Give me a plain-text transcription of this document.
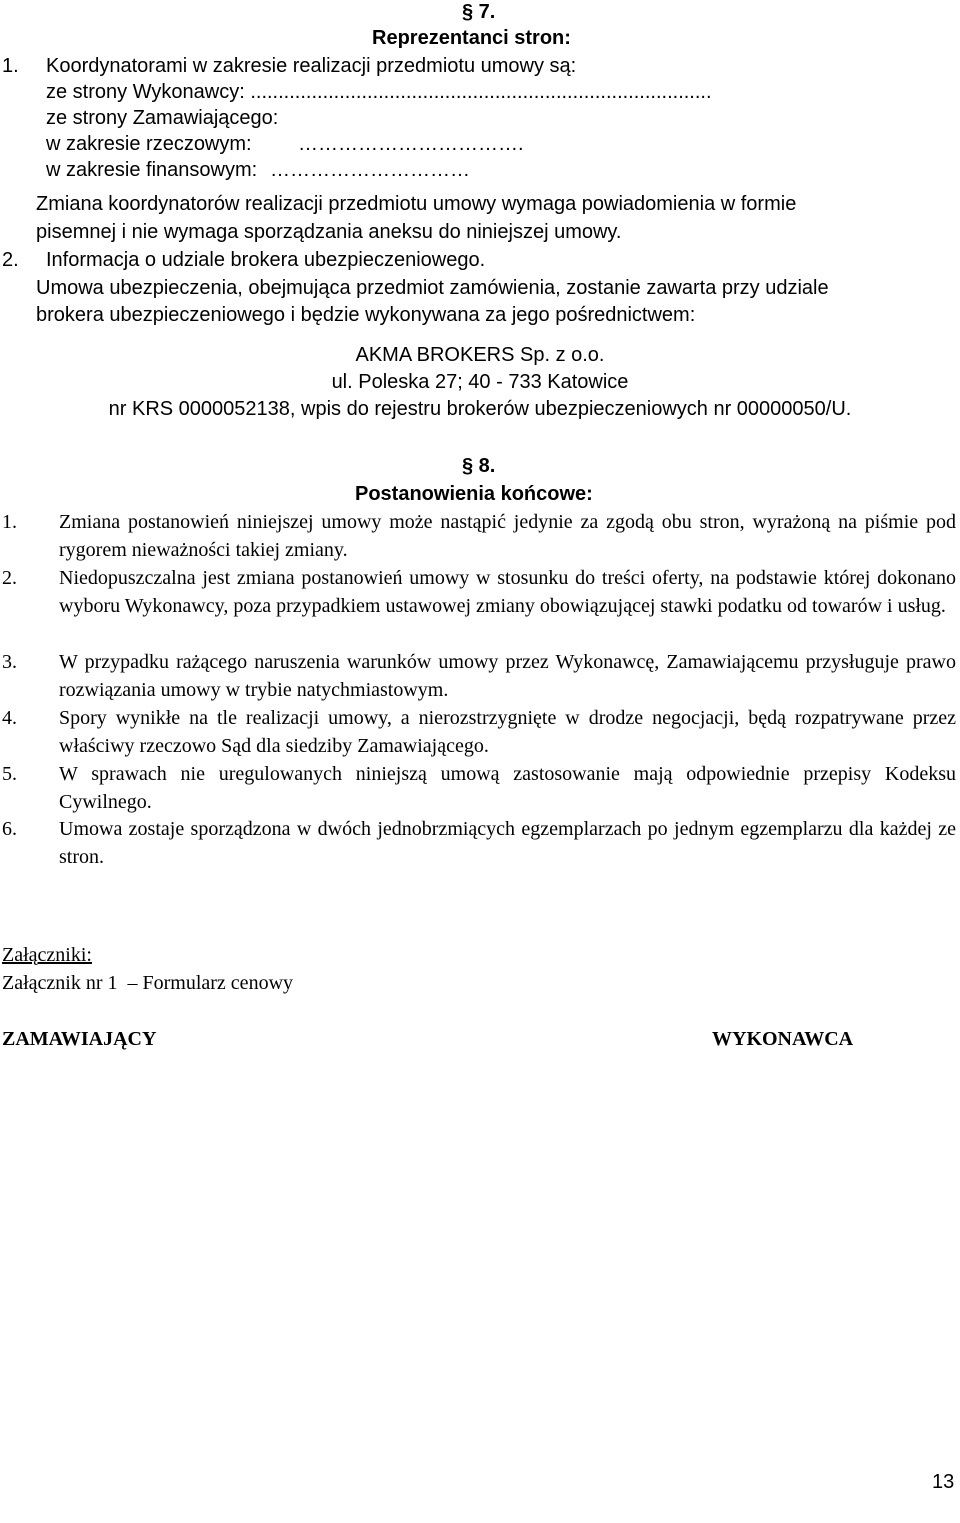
§ 7.
Reprezentanci stron:
1. Koordynatorami w zakresie realizacji przedmiotu umowy są:
ze strony Wykonawcy: ...................................................................................
ze strony Zamawiającego:
w zakresie rzeczowym: …………………………….
w zakresie finansowym: …………………………
Zmiana koordynatorów realizacji przedmiotu umowy wymaga powiadomienia w formie
pisemnej i nie wymaga sporządzania aneksu do niniejszej umowy.
2. Informacja o udziale brokera ubezpieczeniowego.
Umowa ubezpieczenia, obejmująca przedmiot zamówienia, zostanie zawarta przy udziale
brokera ubezpieczeniowego i będzie wykonywana za jego pośrednictwem:
AKMA BROKERS Sp. z o.o.
ul. Poleska 27; 40 - 733 Katowice
nr KRS 0000052138, wpis do rejestru brokerów ubezpieczeniowych nr 00000050/U.
§ 8.
Postanowienia końcowe:
1. Zmiana postanowień niniejszej umowy może nastąpić jedynie za zgodą obu stron, wyrażoną na piśmie pod rygorem nieważności takiej zmiany.
2. Niedopuszczalna jest zmiana postanowień umowy w stosunku do treści oferty, na podstawie której dokonano wyboru Wykonawcy, poza przypadkiem ustawowej zmiany obowiązującej stawki podatku od towarów i usług.
3. W przypadku rażącego naruszenia warunków umowy przez Wykonawcę, Zamawiającemu przysługuje prawo rozwiązania umowy w trybie natychmiastowym.
4. Spory wynikłe na tle realizacji umowy, a nierozstrzygnięte w drodze negocjacji, będą rozpatrywane przez właściwy rzeczowo Sąd dla siedziby Zamawiającego.
5. W sprawach nie uregulowanych niniejszą umową zastosowanie mają odpowiednie przepisy Kodeksu Cywilnego.
6. Umowa zostaje sporządzona w dwóch jednobrzmiących egzemplarzach po jednym egzemplarzu dla każdej ze stron.
Załączniki:
Załącznik nr 1  – Formularz cenowy
ZAMAWIAJĄCY	WYKONAWCA
13
